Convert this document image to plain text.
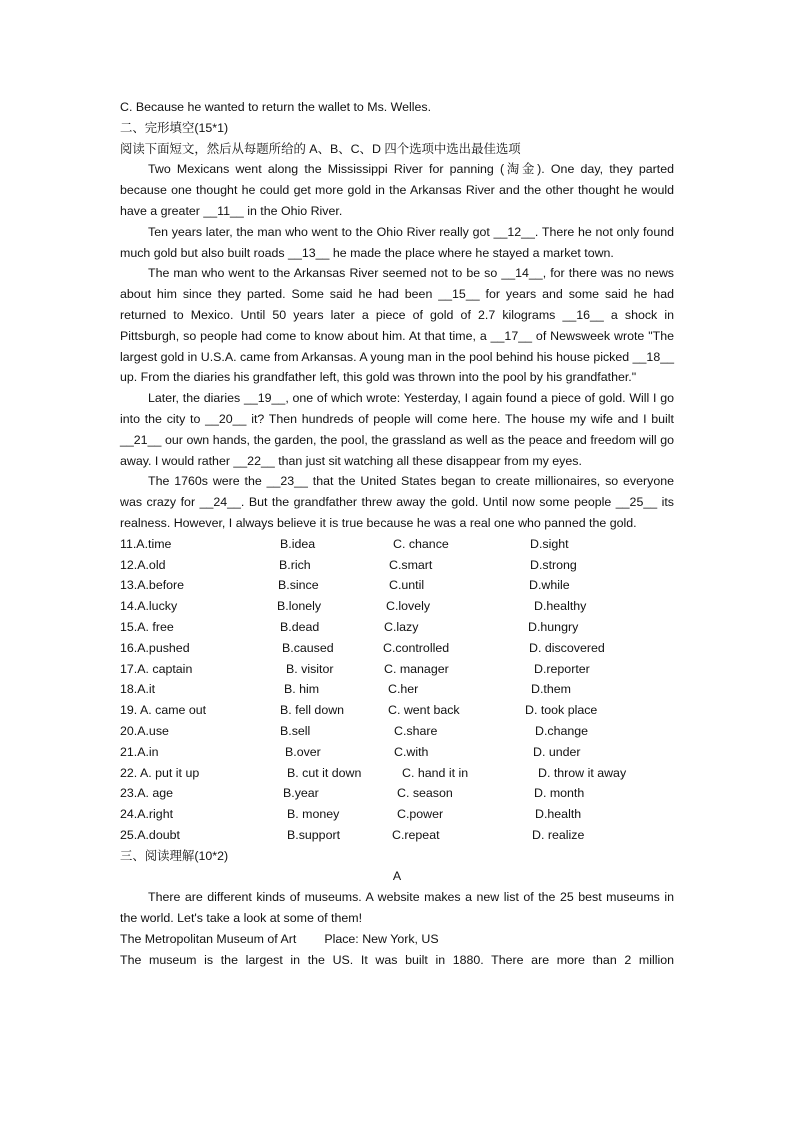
C. Because he wanted to return the wallet to Ms. Welles.
二、完形填空(15*1)
阅读下面短文，然后从每题所给的 A、B、C、D 四个选项中选出最佳选项

Two Mexicans went along the Mississippi River for panning (淘金). One day, they parted because one thought he could get more gold in the Arkansas River and the other thought he would have a greater __11__ in the Ohio River.

Ten years later, the man who went to the Ohio River really got __12__. There he not only found much gold but also built roads __13__ he made the place where he stayed a market town.

The man who went to the Arkansas River seemed not to be so __14__, for there was no news about him since they parted. Some said he had been __15__ for years and some said he had returned to Mexico. Until 50 years later a piece of gold of 2.7 kilograms __16__ a shock in Pittsburgh, so people had come to know about him. At that time, a __17__ of Newsweek wrote "The largest gold in U.S.A. came from Arkansas. A young man in the pool behind his house picked __18__ up. From the diaries his grandfather left, this gold was thrown into the pool by his grandfather."

Later, the diaries __19__, one of which wrote: Yesterday, I again found a piece of gold. Will I go into the city to __20__ it? Then hundreds of people will come here. The house my wife and I built __21__ our own hands, the garden, the pool, the grassland as well as the peace and freedom will go away. I would rather __22__ than just sit watching all these disappear from my eyes.

The 1760s were the __23__ that the United States began to create millionaires, so everyone was crazy for __24__. But the grandfather threw away the gold. Until now some people __25__ its realness. However, I always believe it is true because he was a real one who panned the gold.

11.A.time	B.idea	C. chance	D.sight
12.A.old	B.rich	C.smart	D.strong
13.A.before	B.since	C.until	D.while
14.A.lucky	B.lonely	C.lovely	D.healthy
15.A. free	B.dead	C.lazy	D.hungry
16.A.pushed	B.caused	C.controlled	D. discovered
17.A. captain	B. visitor	C. manager	D.reporter
18.A.it	B. him	C.her	D.them
19. A. came out	B. fell down	C. went back	D. took place
20.A.use	B.sell	C.share	D.change
21.A.in	B.over	C.with	D. under
22. A. put it up	B. cut it down	C. hand it in	D. throw it away
23.A. age	B.year	C. season	D. month
24.A.right	B. money	C.power	D.health
25.A.doubt	B.support	C.repeat	D. realize
三、阅读理解(10*2)
A

There are different kinds of museums. A website makes a new list of the 25 best museums in the world. Let's take a look at some of them!

The Metropolitan Museum of Art Place: New York, US

The museum is the largest in the US. It was built in 1880. There are more than 2 million
